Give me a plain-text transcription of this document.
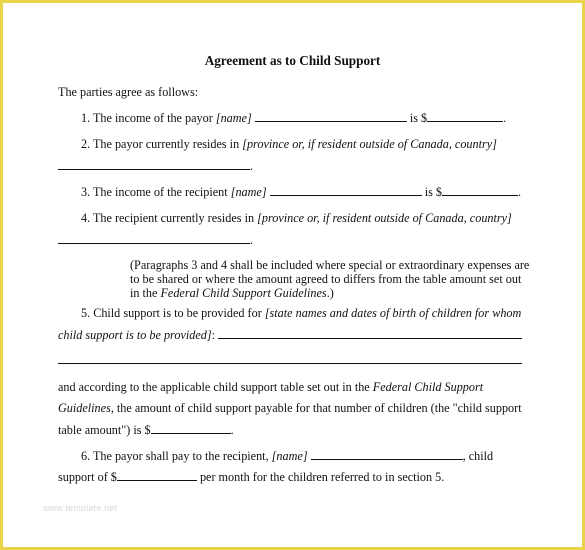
Agreement as to Child Support
The parties agree as follows:
1. The income of the payor [name]	is $	.
2. The payor currently resides in [province or, if resident outside of Canada, country]
.
3. The income of the recipient [name]	is $	.
4. The recipient currently resides in [province or, if resident outside of Canada, country]
.
(Paragraphs 3 and 4 shall be included where special or extraordinary expenses are
to be shared or where the amount agreed to differs from the table amount set out
in the Federal Child Support Guidelines.)
5. Child support is to be provided for [state names and dates of birth of children for whom
child support is to be provided]:
and according to the applicable child support table set out in the Federal Child Support
Guidelines, the amount of child support payable for that number of children (the "child support
table amount") is $	.
6. The payor shall pay to the recipient, [name]	, child
support of $	per month for the children referred to in section 5.
www.template.net
